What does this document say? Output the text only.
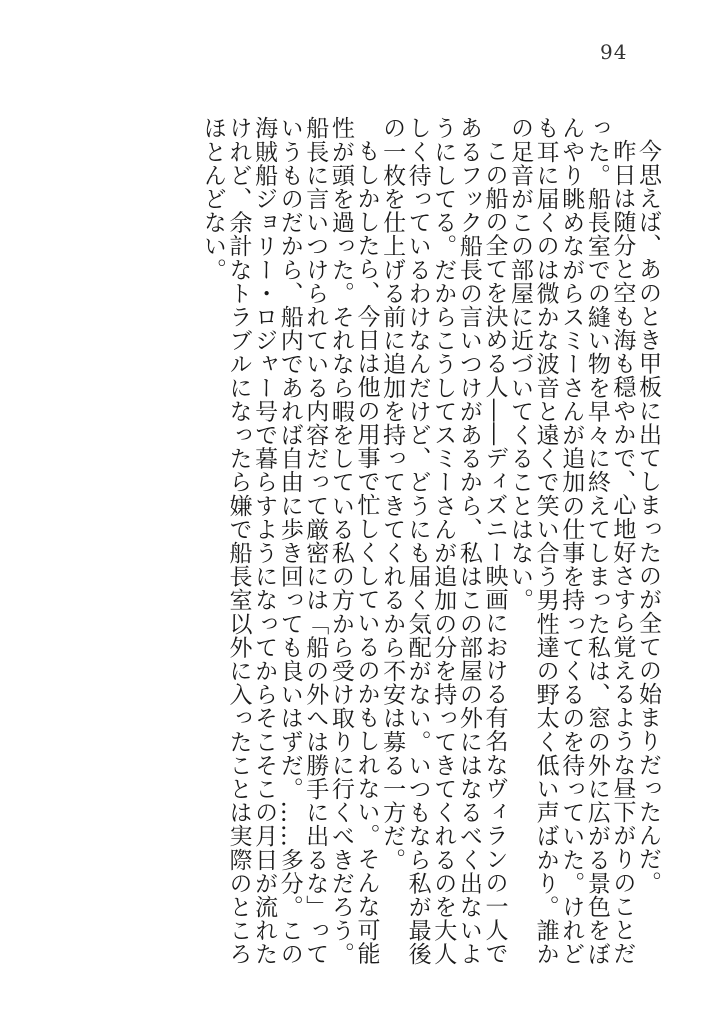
94

今思えば、あのとき甲板に出てしまったのが全ての始まりだったんだ。

昨日は随分と空も海も穏やかで、心地好さすら覚えるような昼下がりのことだった。船長室での縫い物を早々に終えてしまった私は、窓の外に広がる景色をぼんやり眺めながらスミーさんが追加の仕事を持ってくるのを待っていた。けれども耳に届くのは微かな波音と遠くで笑い合う男性達の野太く低い声ばかり。誰かの足音がこの部屋に近づいてくることはない。

この船の全てを決める人――ディズニー映画における有名なヴィランの一人であるフック船長の言いつけがあるから、私はこの部屋の外にはなるべく出ないようにしてる。だからこうしてスミーさんが追加の分を持ってきてくれるのを大人しく待っているわけなんだけど、どうにも届く気配がない。いつもなら私が最後の一枚を仕上げる前に追加を持ってきてくれるから不安は募る一方だ。

もしかしたら、今日は他の用事で忙しくしているのかもしれない。そんな可能性が頭を過った。それなら暇をしている私の方から受け取りに行くべきだろう。船長に言いつけられている内容だって厳密には「船の外へは勝手に出るな」っていうものだから、船内であれば自由に歩き回っても良いはずだ。……多分。この海賊船ジョリー・ロジャー号で暮らすようになってからそこそこの月日が流れたけれど、余計なトラブルになったら嫌で船長室以外に入ったことは実際のところほとんどない。
